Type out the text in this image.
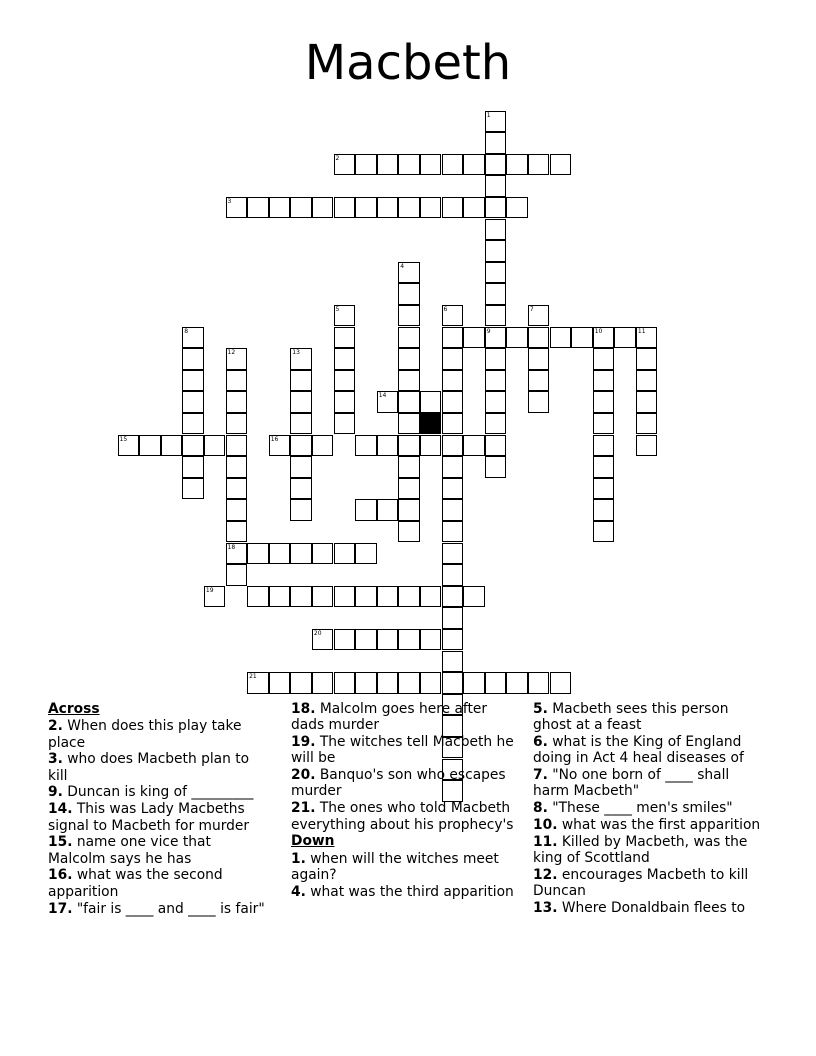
Macbeth
1
9
2
3
4
5	6	7
8	10	11
12
18
13
14
15	16
19
20
21
Across
2. When does this play take place
3. who does Macbeth plan to kill
9. Duncan is king of _________
14. This was Lady Macbeths signal to Macbeth for murder
15. name one vice that Malcolm says he has
16. what was the second apparition
17. "fair is ____ and ____ is fair"
18. Malcolm goes here after dads murder
19. The witches tell Macbeth he will be
20. Banquo's son who escapes murder
21. The ones who told Macbeth everything about his prophecy's
Down
1. when will the witches meet again?
4. what was the third apparition
5. Macbeth sees this person ghost at a feast
6. what is the King of England doing in Act 4 heal diseases of
7. "No one born of ____ shall harm Macbeth"
8. "These ____ men's smiles"
10. what was the first apparition
11. Killed by Macbeth, was the king of Scottland
12. encourages Macbeth to kill Duncan
13. Where Donaldbain flees to
